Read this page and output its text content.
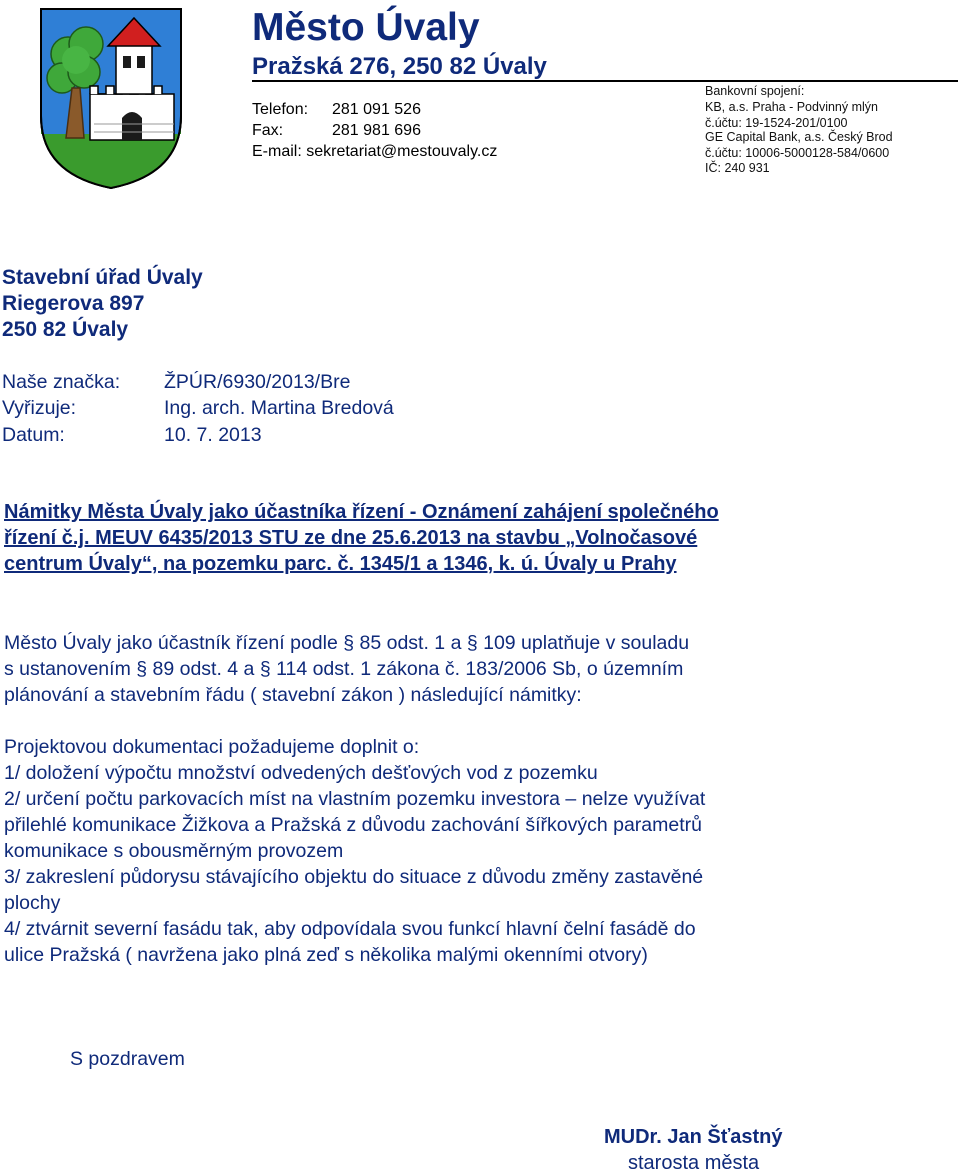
Město Úvaly
Pražská 276, 250 82 Úvaly
Telefon: 281 091 526
Fax:	281 981 696
E-mail: sekretariat@mestouvaly.cz
Bankovní spojení:
KB, a.s. Praha - Podvinný mlýn
č.účtu: 19-1524-201/0100
GE Capital Bank, a.s. Český Brod
č.účtu: 10006-5000128-584/0600
IČ: 240 931
Stavební úřad Úvaly
Riegerova 897
250 82 Úvaly
Naše značka: ŽPÚR/6930/2013/Bre
Vyřizuje:	Ing. arch. Martina Bredová
Datum:	10. 7. 2013
Námitky Města Úvaly jako účastníka řízení - Oznámení zahájení společného
řízení č.j. MEUV 6435/2013 STU ze dne 25.6.2013 na stavbu „Volnočasové
centrum Úvaly“, na pozemku parc. č. 1345/1 a 1346, k. ú. Úvaly u Prahy
Město Úvaly jako účastník řízení podle § 85 odst. 1 a § 109 uplatňuje v souladu
s ustanovením § 89 odst. 4 a § 114 odst. 1 zákona č. 183/2006 Sb, o územním
plánování a stavebním řádu ( stavební zákon ) následující námitky:
Projektovou dokumentaci požadujeme doplnit o:
1/ doložení výpočtu množství odvedených dešťových vod z pozemku
2/ určení počtu parkovacích míst na vlastním pozemku investora – nelze využívat
přilehlé komunikace Žižkova a Pražská z důvodu zachování šířkových parametrů
komunikace s obousměrným provozem
3/ zakreslení půdorysu stávajícího objektu do situace z důvodu změny zastavěné
plochy
4/ ztvárnit severní fasádu tak, aby odpovídala svou funkcí hlavní čelní fasádě do
ulice Pražská ( navržena jako plná zeď s několika malými okenními otvory)
S pozdravem
MUDr. Jan Šťastný
starosta města
